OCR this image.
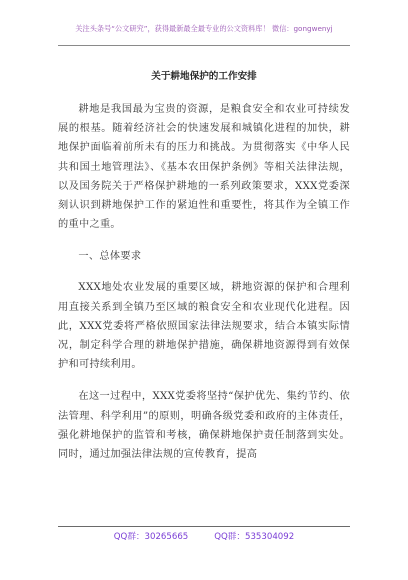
关注头条号“公文研究”，获得最新最全最专业的公文资料库！ 微信：gongwenyj
关于耕地保护的工作安排

耕地是我国最为宝贵的资源，是粮食安全和农业可持续发展的根基。随着经济社会的快速发展和城镇化进程的加快，耕地保护面临着前所未有的压力和挑战。为贯彻落实《中华人民共和国土地管理法》、《基本农田保护条例》等相关法律法规，以及国务院关于严格保护耕地的一系列政策要求，XXX党委深刻认识到耕地保护工作的紧迫性和重要性，将其作为全镇工作的重中之重。

一、总体要求

XXX地处农业发展的重要区域，耕地资源的保护和合理利用直接关系到全镇乃至区域的粮食安全和农业现代化进程。因此，XXX党委将严格依照国家法律法规要求，结合本镇实际情况，制定科学合理的耕地保护措施，确保耕地资源得到有效保护和可持续利用。

在这一过程中，XXX党委将坚持“保护优先、集约节约、依法管理、科学利用”的原则，明确各级党委和政府的主体责任，强化耕地保护的监管和考核，确保耕地保护责任制落到实处。同时，通过加强法律法规的宣传教育，提高

QQ群：30265665	QQ群：535304092
